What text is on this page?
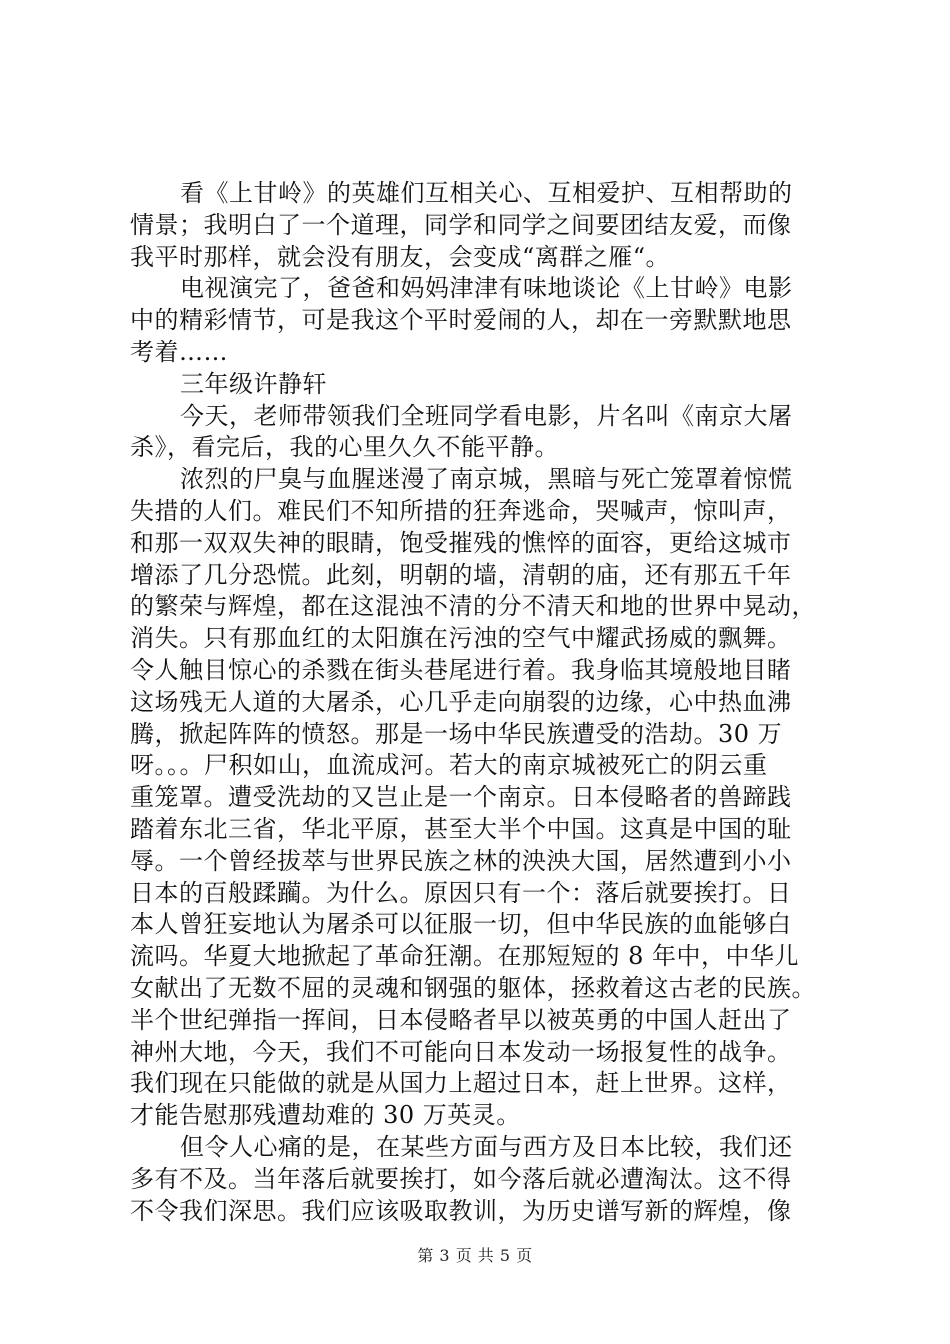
看《上甘岭》的英雄们互相关心、互相爱护、互相帮助的
情景；我明白了一个道理，同学和同学之间要团结友爱，而像
我平时那样，就会没有朋友，会变成“离群之雁“。
电视演完了，爸爸和妈妈津津有味地谈论《上甘岭》电影
中的精彩情节，可是我这个平时爱闹的人，却在一旁默默地思
考着……
三年级许静轩
今天，老师带领我们全班同学看电影，片名叫《南京大屠
杀》，看完后，我的心里久久不能平静。
浓烈的尸臭与血腥迷漫了南京城，黑暗与死亡笼罩着惊慌
失措的人们。难民们不知所措的狂奔逃命，哭喊声，惊叫声，
和那一双双失神的眼睛，饱受摧残的憔悴的面容，更给这城市
增添了几分恐慌。此刻，明朝的墙，清朝的庙，还有那五千年
的繁荣与辉煌，都在这混浊不清的分不清天和地的世界中晃动，
消失。只有那血红的太阳旗在污浊的空气中耀武扬威的飘舞。
令人触目惊心的杀戮在街头巷尾进行着。我身临其境般地目睹
这场残无人道的大屠杀，心几乎走向崩裂的边缘，心中热血沸
腾，掀起阵阵的愤怒。那是一场中华民族遭受的浩劫。30 万
呀。。。尸积如山，血流成河。若大的南京城被死亡的阴云重
重笼罩。遭受洗劫的又岂止是一个南京。日本侵略者的兽蹄践
踏着东北三省，华北平原，甚至大半个中国。这真是中国的耻
辱。一个曾经拔萃与世界民族之林的泱泱大国，居然遭到小小
日本的百般蹂躏。为什么。原因只有一个：落后就要挨打。日
本人曾狂妄地认为屠杀可以征服一切，但中华民族的血能够白
流吗。华夏大地掀起了革命狂潮。在那短短的 8 年中，中华儿
女献出了无数不屈的灵魂和钢强的躯体，拯救着这古老的民族。
半个世纪弹指一挥间，日本侵略者早以被英勇的中国人赶出了
神州大地，今天，我们不可能向日本发动一场报复性的战争。
我们现在只能做的就是从国力上超过日本，赶上世界。这样，
才能告慰那残遭劫难的 30 万英灵。
但令人心痛的是，在某些方面与西方及日本比较，我们还
多有不及。当年落后就要挨打，如今落后就必遭淘汰。这不得
不令我们深思。我们应该吸取教训，为历史谱写新的辉煌，像
第 3 页 共 5 页
